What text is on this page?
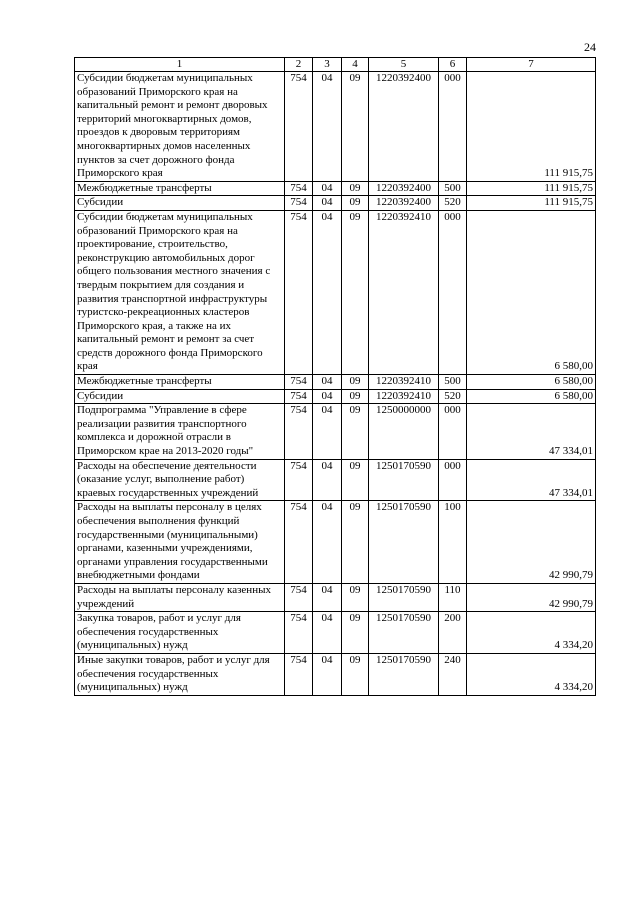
24
1	2	3	4	5	6	7
Субсидии бюджетам муниципальных образований Приморского края на капитальный ремонт и ремонт дворовых территорий многоквартирных домов, проездов к дворовым территориям многоквартирных домов населенных пунктов за счет дорожного фонда Приморского края	754	04	09	1220392400	000	111 915,75
Межбюджетные трансферты	754	04	09	1220392400	500	111 915,75
Субсидии	754	04	09	1220392400	520	111 915,75
Субсидии бюджетам муниципальных образований Приморского края на проектирование, строительство, реконструкцию автомобильных дорог общего пользования местного значения с твердым покрытием для создания и развития транспортной инфраструктуры туристско-рекреационных кластеров Приморского края, а также на их капитальный ремонт и ремонт за счет средств дорожного фонда Приморского края	754	04	09	1220392410	000	6 580,00
Межбюджетные трансферты	754	04	09	1220392410	500	6 580,00
Субсидии	754	04	09	1220392410	520	6 580,00
Подпрограмма "Управление в сфере реализации развития транспортного комплекса и дорожной отрасли в Приморском крае на 2013-2020 годы"	754	04	09	1250000000	000	47 334,01
Расходы на обеспечение деятельности (оказание услуг, выполнение работ) краевых государственных учреждений	754	04	09	1250170590	000	47 334,01
Расходы на выплаты персоналу в целях обеспечения выполнения функций государственными (муниципальными) органами, казенными учреждениями, органами управления государственными внебюджетными фондами	754	04	09	1250170590	100	42 990,79
Расходы на выплаты персоналу казенных учреждений	754	04	09	1250170590	110	42 990,79
Закупка товаров, работ и услуг для обеспечения государственных (муниципальных) нужд	754	04	09	1250170590	200	4 334,20
Иные закупки товаров, работ и услуг для обеспечения государственных (муниципальных) нужд	754	04	09	1250170590	240	4 334,20
